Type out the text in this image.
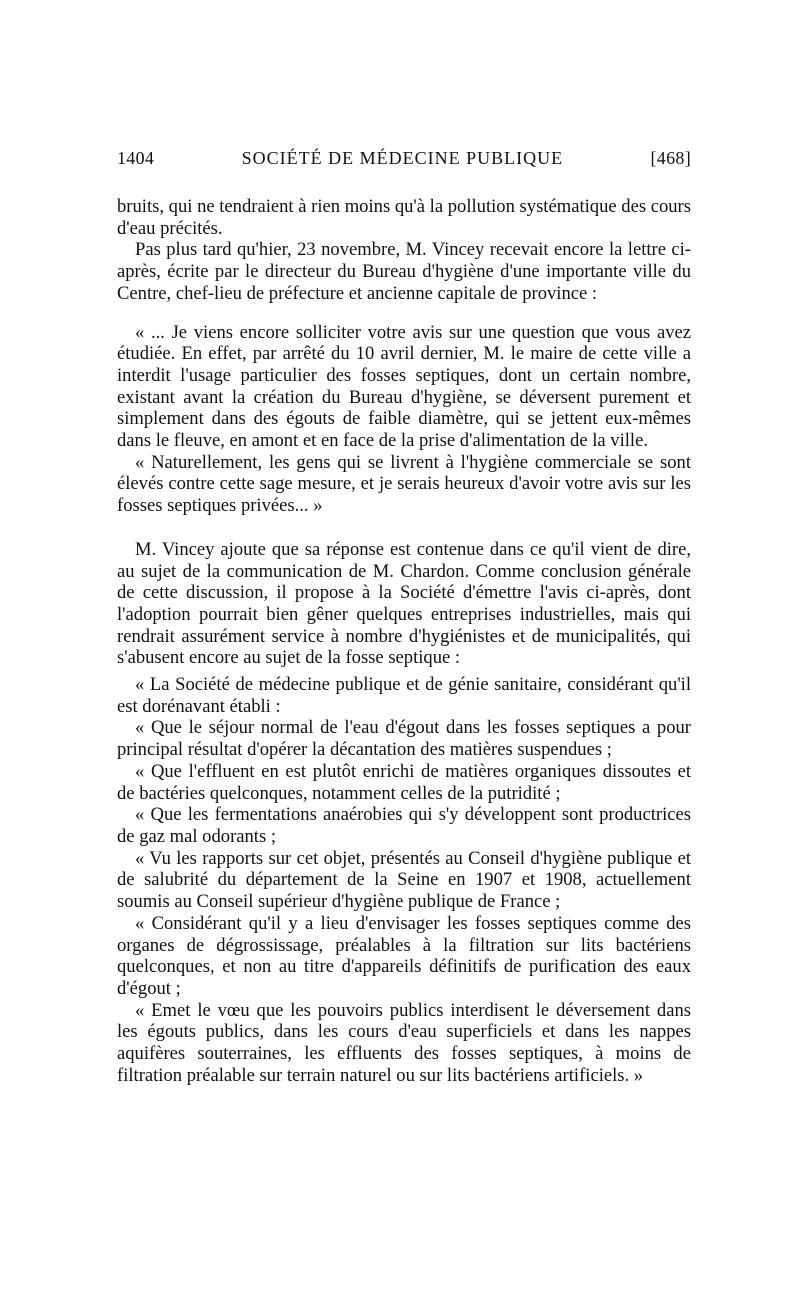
1404	SOCIÉTÉ DE MÉDECINE PUBLIQUE	[468]

bruits, qui ne tendraient à rien moins qu'à la pollution systématique des cours d'eau précités.

Pas plus tard qu'hier, 23 novembre, M. Vincey recevait encore la lettre ci-après, écrite par le directeur du Bureau d'hygiène d'une importante ville du Centre, chef-lieu de préfecture et ancienne capitale de province :

« ... Je viens encore solliciter votre avis sur une question que vous avez étudiée. En effet, par arrêté du 10 avril dernier, M. le maire de cette ville a interdit l'usage particulier des fosses septiques, dont un certain nombre, existant avant la création du Bureau d'hygiène, se déversent purement et simplement dans des égouts de faible diamètre, qui se jettent eux-mêmes dans le fleuve, en amont et en face de la prise d'alimentation de la ville.

« Naturellement, les gens qui se livrent à l'hygiène commerciale se sont élevés contre cette sage mesure, et je serais heureux d'avoir votre avis sur les fosses septiques privées... »

M. Vincey ajoute que sa réponse est contenue dans ce qu'il vient de dire, au sujet de la communication de M. Chardon. Comme conclusion générale de cette discussion, il propose à la Société d'émettre l'avis ci-après, dont l'adoption pourrait bien gêner quelques entreprises industrielles, mais qui rendrait assurément service à nombre d'hygiénistes et de municipalités, qui s'abusent encore au sujet de la fosse septique :

« La Société de médecine publique et de génie sanitaire, considérant qu'il est dorénavant établi :

« Que le séjour normal de l'eau d'égout dans les fosses septiques a pour principal résultat d'opérer la décantation des matières suspendues ;

« Que l'effluent en est plutôt enrichi de matières organiques dissoutes et de bactéries quelconques, notamment celles de la putridité ;

« Que les fermentations anaérobies qui s'y développent sont productrices de gaz mal odorants ;

« Vu les rapports sur cet objet, présentés au Conseil d'hygiène publique et de salubrité du département de la Seine en 1907 et 1908, actuellement soumis au Conseil supérieur d'hygiène publique de France ;

« Considérant qu'il y a lieu d'envisager les fosses septiques comme des organes de dégrossissage, préalables à la filtration sur lits bactériens quelconques, et non au titre d'appareils définitifs de purification des eaux d'égout ;

« Emet le vœu que les pouvoirs publics interdisent le déversement dans les égouts publics, dans les cours d'eau superficiels et dans les nappes aquifères souterraines, les effluents des fosses septiques, à moins de filtration préalable sur terrain naturel ou sur lits bactériens artificiels. »
